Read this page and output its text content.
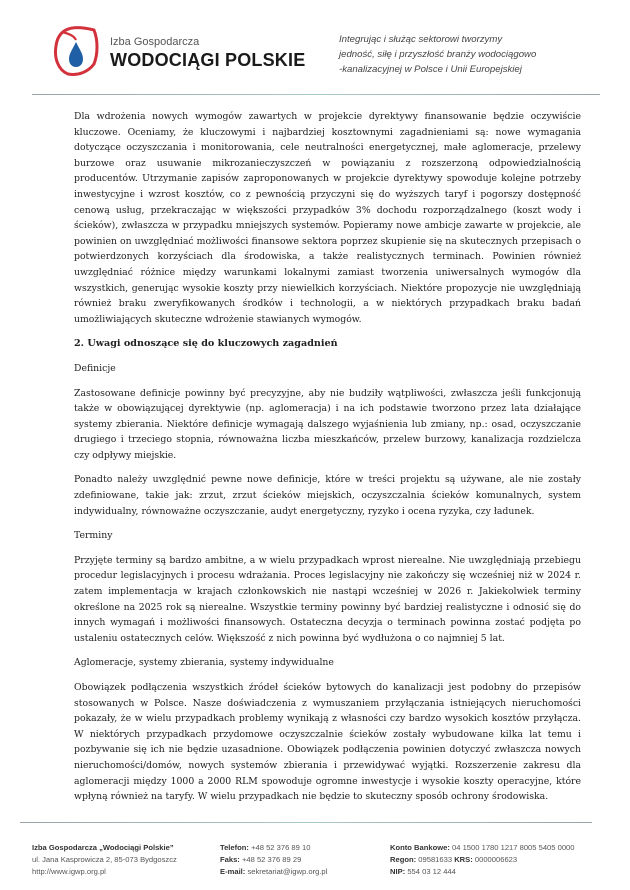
Izba Gospodarcza
WODOCIĄGI POLSKIE
Integrując i służąc sektorowi tworzymy
jedność, siłę i przyszłość branży wodociągowo
-kanalizacyjnej w Polsce i Unii Europejskiej

Dla wdrożenia nowych wymogów zawartych w projekcie dyrektywy finansowanie będzie oczywiście kluczowe. Oceniamy, że kluczowymi i najbardziej kosztownymi zagadnieniami są: nowe wymagania dotyczące oczyszczania i monitorowania, cele neutralności energetycznej, małe aglomeracje, przelewy burzowe oraz usuwanie mikrozanieczyszczeń w powiązaniu z rozszerzoną odpowiedzialnością producentów. Utrzymanie zapisów zaproponowanych w projekcie dyrektywy spowoduje kolejne potrzeby inwestycyjne i wzrost kosztów, co z pewnością przyczyni się do wyższych taryf i pogorszy dostępność cenową usług, przekraczając w większości przypadków 3% dochodu rozporządzalnego (koszt wody i ścieków), zwłaszcza w przypadku mniejszych systemów. Popieramy nowe ambicje zawarte w projekcie, ale powinien on uwzględniać możliwości finansowe sektora poprzez skupienie się na skutecznych przepisach o potwierdzonych korzyściach dla środowiska, a także realistycznych terminach. Powinien również uwzględniać różnice między warunkami lokalnymi zamiast tworzenia uniwersalnych wymogów dla wszystkich, generując wysokie koszty przy niewielkich korzyściach. Niektóre propozycje nie uwzględniają również braku zweryfikowanych środków i technologii, a w niektórych przypadkach braku badań umożliwiających skuteczne wdrożenie stawianych wymogów.

2. Uwagi odnoszące się do kluczowych zagadnień

Definicje

Zastosowane definicje powinny być precyzyjne, aby nie budziły wątpliwości, zwłaszcza jeśli funkcjonują także w obowiązującej dyrektywie (np. aglomeracja) i na ich podstawie tworzono przez lata działające systemy zbierania. Niektóre definicje wymagają dalszego wyjaśnienia lub zmiany, np.: osad, oczyszczanie drugiego i trzeciego stopnia, równoważna liczba mieszkańców, przelew burzowy, kanalizacja rozdzielcza czy odpływy miejskie.

Ponadto należy uwzględnić pewne nowe definicje, które w treści projektu są używane, ale nie zostały zdefiniowane, takie jak: zrzut, zrzut ścieków miejskich, oczyszczalnia ścieków komunalnych, system indywidualny, równoważne oczyszczanie, audyt energetyczny, ryzyko i ocena ryzyka, czy ładunek.

Terminy

Przyjęte terminy są bardzo ambitne, a w wielu przypadkach wprost nierealne. Nie uwzględniają przebiegu procedur legislacyjnych i procesu wdrażania. Proces legislacyjny nie zakończy się wcześniej niż w 2024 r. zatem implementacja w krajach członkowskich nie nastąpi wcześniej w 2026 r. Jakiekolwiek terminy określone na 2025 rok są nierealne. Wszystkie terminy powinny być bardziej realistyczne i odnosić się do innych wymagań i możliwości finansowych. Ostateczna decyzja o terminach powinna zostać podjęta po ustaleniu ostatecznych celów. Większość z nich powinna być wydłużona o co najmniej 5 lat.

Aglomeracje, systemy zbierania, systemy indywidualne

Obowiązek podłączenia wszystkich źródeł ścieków bytowych do kanalizacji jest podobny do przepisów stosowanych w Polsce. Nasze doświadczenia z wymuszaniem przyłączania istniejących nieruchomości pokazały, że w wielu przypadkach problemy wynikają z własności czy bardzo wysokich kosztów przyłącza. W niektórych przypadkach przydomowe oczyszczalnie ścieków zostały wybudowane kilka lat temu i pozbywanie się ich nie będzie uzasadnione. Obowiązek podłączenia powinien dotyczyć zwłaszcza nowych nieruchomości/domów, nowych systemów zbierania i przewidywać wyjątki. Rozszerzenie zakresu dla aglomeracji między 1000 a 2000 RLM spowoduje ogromne inwestycje i wysokie koszty operacyjne, które wpłyną również na taryfy. W wielu przypadkach nie będzie to skuteczny sposób ochrony środowiska.

Izba Gospodarcza „Wodociągi Polskie”
ul. Jana Kasprowicza 2, 85-073 Bydgoszcz
http://www.igwp.org.pl
Telefon: +48 52 376 89 10
Faks: +48 52 376 89 29
E-mail: sekretariat@igwp.org.pl
Konto Bankowe: 04 1500 1780 1217 8005 5405 0000
Regon: 09581633 KRS: 0000006623
NIP: 554 03 12 444
